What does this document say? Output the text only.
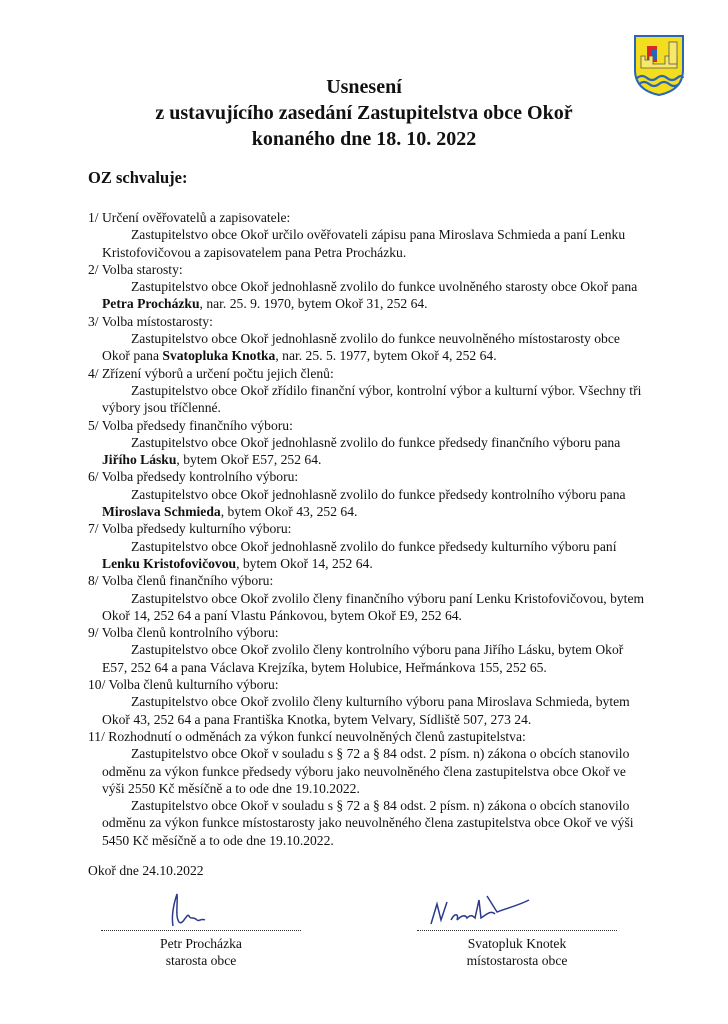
Usnesení
z ustavujícího zasedání Zastupitelstva obce Okoř
konaného dne 18. 10. 2022
OZ schvaluje:
1/ Určení ověřovatelů a zapisovatele:

Zastupitelstvo obce Okoř určilo ověřovateli zápisu pana Miroslava Schmieda a paní Lenku Kristofovičovou a zapisovatelem pana Petra Procházku.

2/ Volba starosty:

Zastupitelstvo obce Okoř jednohlasně zvolilo do funkce uvolněného starosty obce Okoř pana Petra Procházku, nar. 25. 9. 1970, bytem Okoř 31, 252 64.

3/ Volba místostarosty:

Zastupitelstvo obce Okoř jednohlasně zvolilo do funkce neuvolněného místostarosty obce Okoř pana Svatopluka Knotka, nar. 25. 5. 1977, bytem Okoř 4, 252 64.

4/ Zřízení výborů a určení počtu jejich členů:

Zastupitelstvo obce Okoř zřídilo finanční výbor, kontrolní výbor a kulturní výbor. Všechny tři výbory jsou tříčlenné.

5/ Volba předsedy finančního výboru:

Zastupitelstvo obce Okoř jednohlasně zvolilo do funkce předsedy finančního výboru pana Jiřího Lásku, bytem Okoř E57, 252 64.

6/ Volba předsedy kontrolního výboru:

Zastupitelstvo obce Okoř jednohlasně zvolilo do funkce předsedy kontrolního výboru pana Miroslava Schmieda, bytem Okoř 43, 252 64.

7/ Volba předsedy kulturního výboru:

Zastupitelstvo obce Okoř jednohlasně zvolilo do funkce předsedy kulturního výboru paní Lenku Kristofovičovou, bytem Okoř 14, 252 64.

8/ Volba členů finančního výboru:

Zastupitelstvo obce Okoř zvolilo členy finančního výboru paní Lenku Kristofovičovou, bytem Okoř 14, 252 64 a paní Vlastu Pánkovou, bytem Okoř E9, 252 64.

9/ Volba členů kontrolního výboru:

Zastupitelstvo obce Okoř zvolilo členy kontrolního výboru pana Jiřího Lásku, bytem Okoř E57, 252 64 a pana Václava Krejzíka, bytem Holubice, Heřmánkova 155, 252 65.

10/ Volba členů kulturního výboru:

Zastupitelstvo obce Okoř zvolilo členy kulturního výboru pana Miroslava Schmieda, bytem Okoř 43, 252 64 a pana Františka Knotka, bytem Velvary, Sídliště 507, 273 24.

11/ Rozhodnutí o odměnách za výkon funkcí neuvolněných členů zastupitelstva:

Zastupitelstvo obce Okoř v souladu s § 72 a § 84 odst. 2 písm. n) zákona o obcích stanovilo odměnu za výkon funkce předsedy výboru jako neuvolněného člena zastupitelstva obce Okoř ve výši 2550 Kč měsíčně a to ode dne 19.10.2022.

Zastupitelstvo obce Okoř v souladu s § 72 a § 84 odst. 2 písm. n) zákona o obcích stanovilo odměnu za výkon funkce místostarosty jako neuvolněného člena zastupitelstva obce Okoř ve výši 5450 Kč měsíčně a to ode dne 19.10.2022.

Okoř dne 24.10.2022
Petr Procházka
starosta obce
Svatopluk Knotek
místostarosta obce
